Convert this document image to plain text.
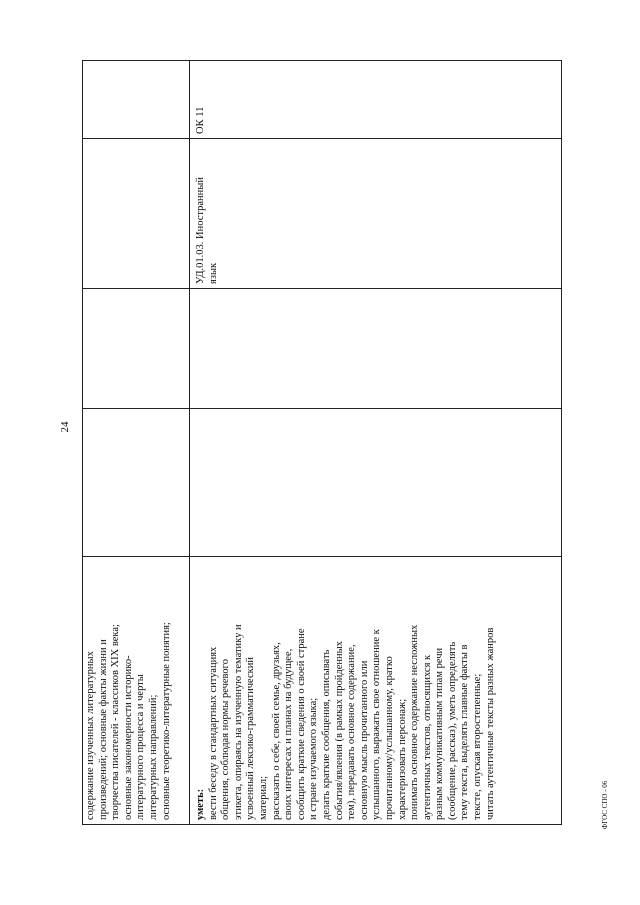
24
ФГОС СПО - 06
содержание изученных литературных произведений; основные факты жизни и творчества писателей - классиков XIX века; основные закономерности историко- литературного процесса и черты литературных направлений; основные теоретико-литературные понятия; уметь: вести беседу в стандартных ситуациях общения, соблюдая нормы речевого этикета, опираясь на изученную тематику и усвоенный лексико-грамматический материал; рассказать о себе, своей семье, друзьях, своих интересах и планах на будущее, сообщить краткие сведения о своей стране и стране изучаемого языка; делать краткие сообщения, описывать события/явления (в рамках пройденных тем), передавать основное содержание, основную мысль прочитанного или услышанного, выражать свое отношение к прочитанному/услышанному, кратко характеризовать персонаж; понимать основное содержание несложных аутентичных текстов, относящихся к разным коммуникативным типам речи (сообщение, рассказ), уметь определять тему текста, выделять главные факты в тексте, опуская второстепенные; читать аутентичные тексты разных жанров
УД.01.03. Иностранный язык
ОК 11
